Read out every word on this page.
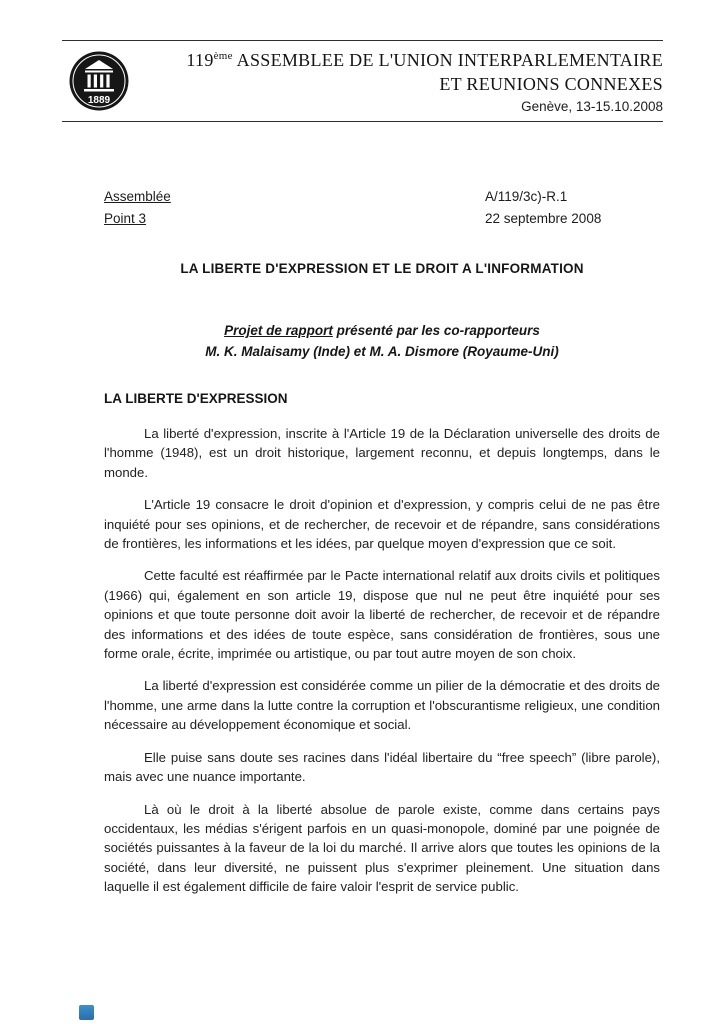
1889
119ème ASSEMBLEE DE L'UNION INTERPARLEMENTAIRE
ET REUNIONS CONNEXES
Genève, 13-15.10.2008
Assemblée
Point 3
A/119/3c)-R.1
22 septembre 2008
LA LIBERTE D'EXPRESSION ET LE DROIT A L'INFORMATION
Projet de rapport présenté par les co-rapporteurs
M. K. Malaisamy (Inde) et M. A. Dismore (Royaume-Uni)
LA LIBERTE D'EXPRESSION

La liberté d'expression, inscrite à l'Article 19 de la Déclaration universelle des droits de l'homme (1948), est un droit historique, largement reconnu, et depuis longtemps, dans le monde.

L'Article 19 consacre le droit d'opinion et d'expression, y compris celui de ne pas être inquiété pour ses opinions, et de rechercher, de recevoir et de répandre, sans considérations de frontières, les informations et les idées, par quelque moyen d'expression que ce soit.

Cette faculté est réaffirmée par le Pacte international relatif aux droits civils et politiques (1966) qui, également en son article 19, dispose que nul ne peut être inquiété pour ses opinions et que toute personne doit avoir la liberté de rechercher, de recevoir et de répandre des informations et des idées de toute espèce, sans considération de frontières, sous une forme orale, écrite, imprimée ou artistique, ou par tout autre moyen de son choix.

La liberté d'expression est considérée comme un pilier de la démocratie et des droits de l'homme, une arme dans la lutte contre la corruption et l'obscurantisme religieux, une condition nécessaire au développement économique et social.

Elle puise sans doute ses racines dans l'idéal libertaire du “free speech” (libre parole), mais avec une nuance importante.

Là où le droit à la liberté absolue de parole existe, comme dans certains pays occidentaux, les médias s'érigent parfois en un quasi-monopole, dominé par une poignée de sociétés puissantes à la faveur de la loi du marché. Il arrive alors que toutes les opinions de la société, dans leur diversité, ne puissent plus s'exprimer pleinement. Une situation dans laquelle il est également difficile de faire valoir l'esprit de service public.
